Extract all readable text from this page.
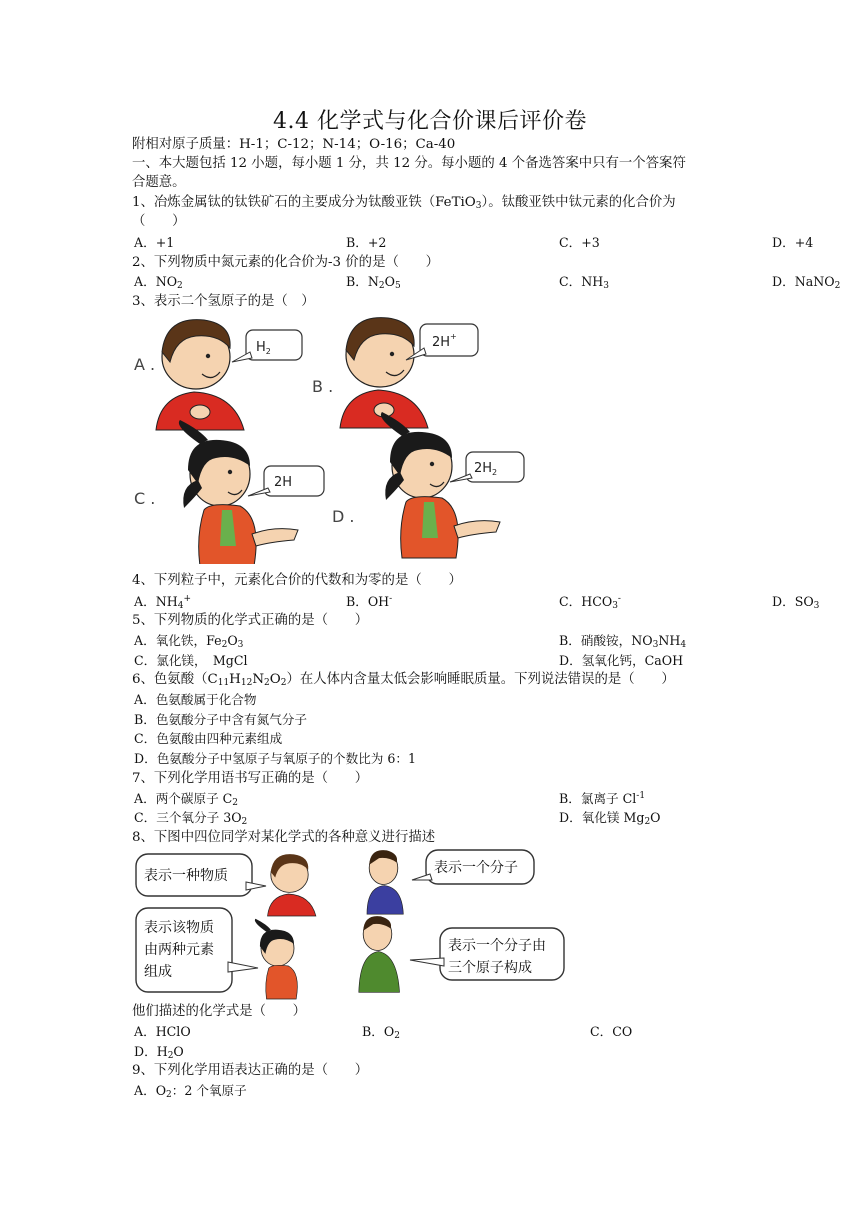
4.4 化学式与化合价课后评价卷
附相对原子质量：H-1；C-12；N-14；O-16；Ca-40
一、本大题包括 12 小题，每小题 1 分，共 12 分。每小题的 4 个备选答案中只有一个答案符
合题意。
1、冶炼金属钛的钛铁矿石的主要成分为钛酸亚铁（FeTiO$_3$）。钛酸亚铁中钛元素的化合价为
（　　）
A．+1	B．+2	C．+3	D．+4
2、下列物质中氮元素的化合价为-3 价的是（　　）
A．$NO_2$	B．$N_2O_5$	C．$NH_3$	D．NaNO$_2$
3、表示二个氢原子的是（　）
A .
$H_2$
B .
2H+
C .
2H
D .
$2H_2$
4、下列粒子中，元素化合价的代数和为零的是（　　）
A．$NH_4^+$	B．OH-	C．$HCO_3^-$	D．$SO_3$
5、下列物质的化学式正确的是（　　）
A．氧化铁，$Fe_2O_3$	B．硝酸铵，$NO_3NH_4$
C．氯化镁，　MgCl	D．氢氧化钙，CaOH
6、色氨酸$(C_{11}H_{12}N_2O_2)$在人体内含量太低会影响睡眠质量。下列说法错误的是（　　）
A．色氨酸属于化合物
B．色氨酸分子中含有氮气分子
C．色氨酸由四种元素组成
D．色氨酸分子中氢原子与氧原子的个数比为 6：1
7、下列化学用语书写正确的是（　　）
A．两个碳原子 $C_2$	B．氯离子 $Cl^{-1}$
C．三个氧分子 $3O_2$	D．氧化镁 $Mg_2O$
8、下图中四位同学对某化学式的各种意义进行描述
表示一种物质	表示一个分子
表示该物质
由两种元素
组成
表示一个分子由
三个原子构成
他们描述的化学式是（　　）
A．HClO	B．$O_2$	C．CO
D．$H_2O$
9、下列化学用语表达正确的是（　　）
A．$O_2$：2 个氧原子
